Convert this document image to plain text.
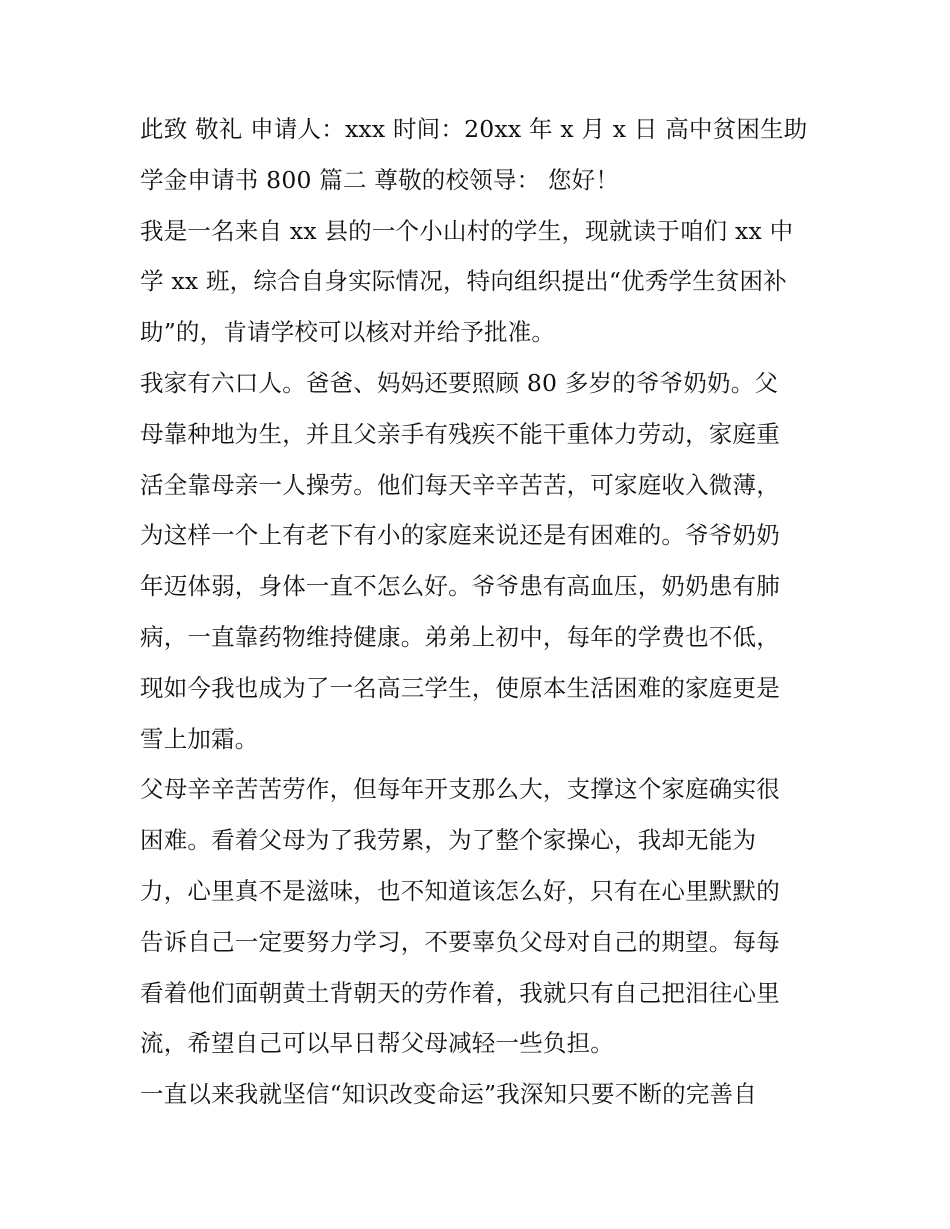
此致 敬礼 申请人：xxx 时间：20xx 年 x 月 x 日 高中贫困生助
学金申请书 800 篇二 尊敬的校领导： 您好！
我是一名来自 xx 县的一个小山村的学生，现就读于咱们 xx 中
学 xx 班，综合自身实际情况，特向组织提出“优秀学生贫困补
助”的，肯请学校可以核对并给予批准。
我家有六口人。爸爸、妈妈还要照顾 80 多岁的爷爷奶奶。父
母靠种地为生，并且父亲手有残疾不能干重体力劳动，家庭重
活全靠母亲一人操劳。他们每天辛辛苦苦，可家庭收入微薄，
为这样一个上有老下有小的家庭来说还是有困难的。爷爷奶奶
年迈体弱，身体一直不怎么好。爷爷患有高血压，奶奶患有肺
病，一直靠药物维持健康。弟弟上初中，每年的学费也不低，
现如今我也成为了一名高三学生，使原本生活困难的家庭更是
雪上加霜。
父母辛辛苦苦劳作，但每年开支那么大，支撑这个家庭确实很
困难。看着父母为了我劳累，为了整个家操心，我却无能为
力，心里真不是滋味，也不知道该怎么好，只有在心里默默的
告诉自己一定要努力学习，不要辜负父母对自己的期望。每每
看着他们面朝黄土背朝天的劳作着，我就只有自己把泪往心里
流，希望自己可以早日帮父母减轻一些负担。
一直以来我就坚信“知识改变命运”我深知只要不断的完善自
